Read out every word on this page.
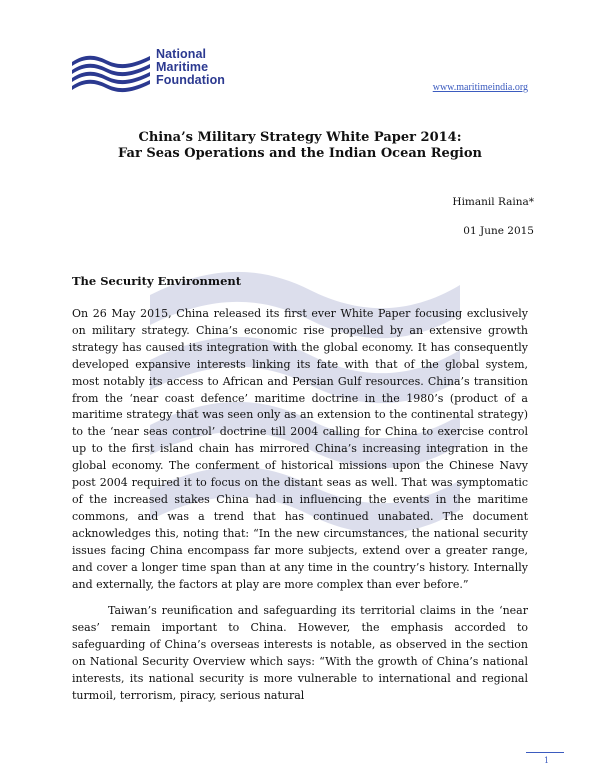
National
Maritime
Foundation
www.maritimeindia.org
China’s Military Strategy White Paper 2014:
Far Seas Operations and the Indian Ocean Region
Himanil Raina*
01 June 2015
The Security Environment

On 26 May 2015, China released its first ever White Paper focusing exclusively on military strategy. China’s economic rise propelled by an extensive growth strategy has caused its integration with the global economy. It has consequently developed expansive interests linking its fate with that of the global system, most notably its access to African and Persian Gulf resources. China’s transition from the ‘near coast defence’ maritime doctrine in the 1980’s (product of a maritime strategy that was seen only as an extension to the continental strategy) to the ‘near seas control’ doctrine till 2004 calling for China to exercise control up to the first island chain has mirrored China’s increasing integration in the global economy. The conferment of historical missions upon the Chinese Navy post 2004 required it to focus on the distant seas as well. That was symptomatic of the increased stakes China had in influencing the events in the maritime commons, and was a trend that has continued unabated. The document acknowledges this, noting that: “In the new circumstances, the national security issues facing China encompass far more subjects, extend over a greater range, and cover a longer time span than at any time in the country’s history. Internally and externally, the factors at play are more complex than ever before.”

Taiwan’s reunification and safeguarding its territorial claims in the ‘near seas’ remain important to China. However, the emphasis accorded to safeguarding of China’s overseas interests is notable, as observed in the section on National Security Overview which says: “With the growth of China’s national interests, its national security is more vulnerable to international and regional turmoil, terrorism, piracy, serious natural

1
